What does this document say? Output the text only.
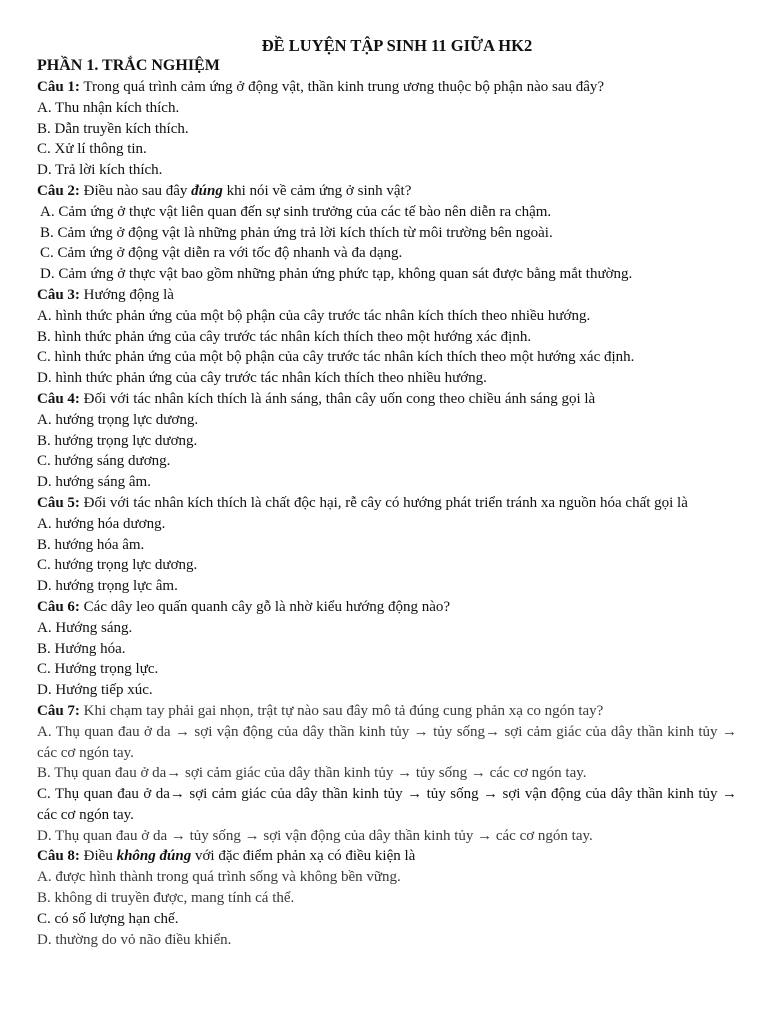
ĐỀ LUYỆN TẬP SINH 11 GIỮA HK2
PHẦN 1. TRẮC NGHIỆM
Câu 1: Trong quá trình cảm ứng ở động vật, thần kinh trung ương thuộc bộ phận nào sau đây?
A. Thu nhận kích thích.
B. Dẫn truyền kích thích.
C. Xử lí thông tin.
D. Trả lời kích thích.
Câu 2: Điều nào sau đây đúng khi nói về cảm ứng ở sinh vật?
A. Cảm ứng ở thực vật liên quan đến sự sinh trưởng của các tế bào nên diễn ra chậm.
B. Cảm ứng ở động vật là những phản ứng trả lời kích thích từ môi trường bên ngoài.
C. Cảm ứng ở động vật diễn ra với tốc độ nhanh và đa dạng.
D. Cảm ứng ở thực vật bao gồm những phản ứng phức tạp, không quan sát được bằng mắt thường.
Câu 3: Hướng động là
A. hình thức phản ứng của một bộ phận của cây trước tác nhân kích thích theo nhiều hướng.
B. hình thức phản ứng của cây trước tác nhân kích thích theo một hướng xác định.
C. hình thức phản ứng của một bộ phận của cây trước tác nhân kích thích theo một hướng xác định.
D. hình thức phản ứng của cây trước tác nhân kích thích theo nhiều hướng.
Câu 4: Đối với tác nhân kích thích là ánh sáng, thân cây uốn cong theo chiều ánh sáng gọi là
A. hướng trọng lực dương.
B. hướng trọng lực dương.
C. hướng sáng dương.
D. hướng sáng âm.
Câu 5: Đối với tác nhân kích thích là chất độc hại, rễ cây có hướng phát triển tránh xa nguồn hóa chất gọi là
A. hướng hóa dương.
B. hướng hóa âm.
C. hướng trọng lực dương.
D. hướng trọng lực âm.
Câu 6: Các dây leo quấn quanh cây gỗ là nhờ kiểu hướng động nào?
A. Hướng sáng.
B. Hướng hóa.
C. Hướng trọng lực.
D. Hướng tiếp xúc.
Câu 7: Khi chạm tay phải gai nhọn, trật tự nào sau đây mô tả đúng cung phản xạ co ngón tay?
A. Thụ quan đau ở da → sợi vận động của dây thần kinh tủy → tủy sống→ sợi cảm giác của dây thần kinh tủy → các cơ ngón tay.
B. Thụ quan đau ở da→ sợi cảm giác của dây thần kinh tủy → tủy sống → các cơ ngón tay.
C. Thụ quan đau ở da→ sợi cảm giác của dây thần kinh tủy → tủy sống → sợi vận động của dây thần kinh tủy → các cơ ngón tay.
D. Thụ quan đau ở da → tủy sống → sợi vận động của dây thần kinh tủy → các cơ ngón tay.
Câu 8: Điều không đúng với đặc điểm phản xạ có điều kiện là
A. được hình thành trong quá trình sống và không bền vững.
B. không di truyền được, mang tính cá thể.
C. có số lượng hạn chế.
D. thường do vỏ não điều khiển.
